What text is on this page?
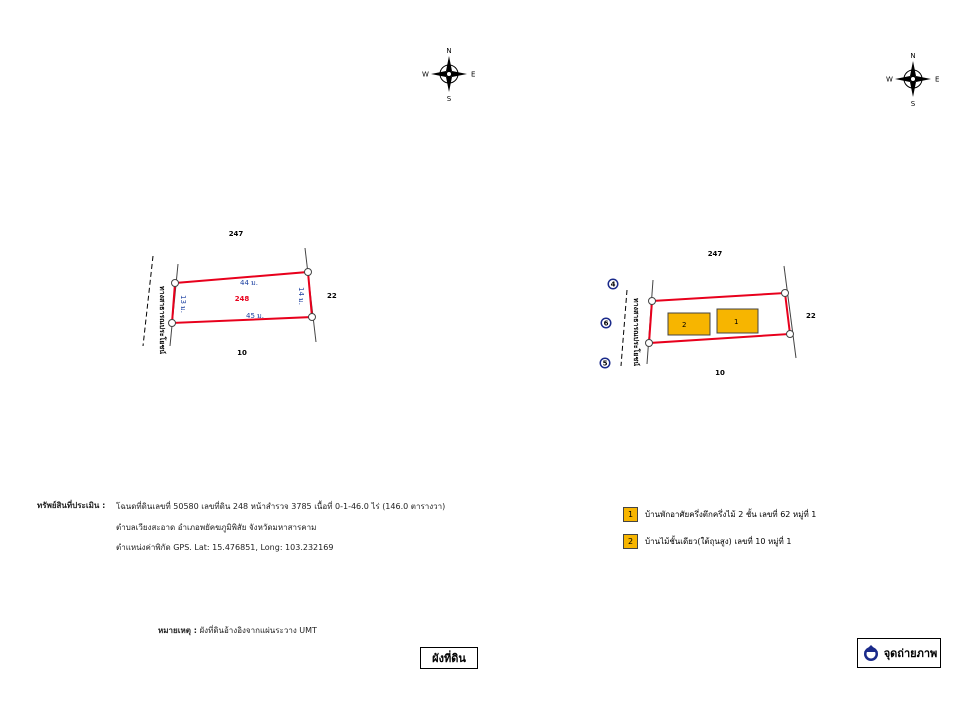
N
S
E
W
N
S
E
W
ทางสาธารณประโยชน์
247
10
22
248
44 ม.
45 ม.
13 ม.	14 ม.
ทางสาธารณประโยชน์	2	1
247
10
22
4
6
5
ทรัพย์สินที่ประเมิน : โฉนดที่ดินเลขที่ 50580 เลขที่ดิน 248 หน้าสำรวจ 3785 เนื้อที่ 0-1-46.0 ไร่ (146.0 ตารางวา)
ตำบลเวียงสะอาด อำเภอพยัคฆภูมิพิสัย จังหวัดมหาสารคาม
ตำแหน่งค่าพิกัด GPS. Lat: 15.476851, Long: 103.232169
หมายเหตุ : ผังที่ดินอ้างอิงจากแผ่นระวาง UMT
1	บ้านพักอาศัยครึ่งตึกครึ่งไม้ 2 ชั้น เลขที่ 62 หมู่ที่ 1
2	บ้านไม้ชั้นเดียว(ใต้ถุนสูง) เลขที่ 10 หมู่ที่ 1
ผังที่ดิน	จุดถ่ายภาพ
